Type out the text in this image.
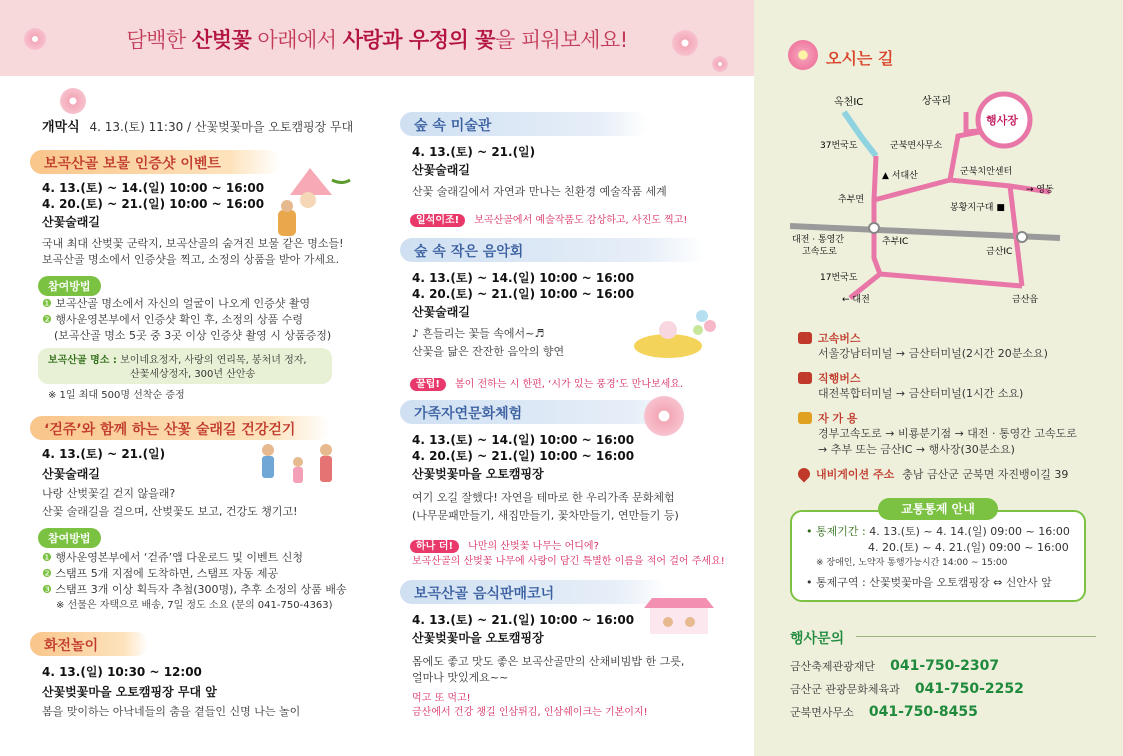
담백한 산벚꽃 아래에서 사랑과 우정의 꽃을 피워보세요!
개막식 4. 13.(토) 11:30 / 산꽃벚꽃마을 오토캠핑장 무대
보곡산골 보물 인증샷 이벤트
4. 13.(토) ~ 14.(일) 10:00 ~ 16:00
4. 20.(토) ~ 21.(일) 10:00 ~ 16:00
산꽃술래길
국내 최대 산벚꽃 군락지, 보곡산골의 숨겨진 보물 같은 명소들!
보곡산골 명소에서 인증샷을 찍고, 소정의 상품을 받아 가세요.
참여방법
❶ 보곡산골 명소에서 자신의 얼굴이 나오게 인증샷 촬영
❷ 행사운영본부에서 인증샷 확인 후, 소정의 상품 수령
(보곡산골 명소 5곳 중 3곳 이상 인증샷 촬영 시 상품증정)
보곡산골 명소 : 보이네요정자, 사랑의 연리목, 봉처녀 정자,
산꽃세상정자, 300년 산안송
※ 1일 최대 500명 선착순 증정
‘걷쥬’와 함께 하는 산꽃 술래길 건강걷기
4. 13.(토) ~ 21.(일)
산꽃술래길
나랑 산벚꽃길 걷지 않을래?
산꽃 술래길을 걸으며, 산벚꽃도 보고, 건강도 챙기고!
참여방법
❶ 행사운영본부에서 ‘걷쥬’앱 다운로드 및 이벤트 신청
❷ 스탬프 5개 지점에 도착하면, 스탬프 자동 제공
❸ 스탬프 3개 이상 획득자 추첨(300명), 추후 소정의 상품 배송
※ 선물은 자택으로 배송, 7일 정도 소요 (문의 041-750-4363)
화전놀이
4. 13.(일) 10:30 ~ 12:00
산꽃벚꽃마을 오토캠핑장 무대 앞
봄을 맞이하는 아낙네들의 춤을 곁들인 신명 나는 놀이
숲 속 미술관
4. 13.(토) ~ 21.(일)
산꽃술래길
산꽃 술래길에서 자연과 만나는 친환경 예술작품 세계
일석이조! 보곡산골에서 예술작품도 감상하고, 사진도 찍고!
숲 속 작은 음악회
4. 13.(토) ~ 14.(일) 10:00 ~ 16:00
4. 20.(토) ~ 21.(일) 10:00 ~ 16:00
산꽃술래길
♪ 흔들리는 꽃들 속에서~♬
산꽃을 닮은 잔잔한 음악의 향연
꿀팁! 봄이 전하는 시 한편, ‘시가 있는 풍경’도 만나보세요.
가족자연문화체험
4. 13.(토) ~ 14.(일) 10:00 ~ 16:00
4. 20.(토) ~ 21.(일) 10:00 ~ 16:00
산꽃벚꽃마을 오토캠핑장
여기 오길 잘했다! 자연을 테마로 한 우리가족 문화체험
(나무문패만들기, 새집만들기, 꽃차만들기, 연만들기 등)
하나 더! 나만의 산벚꽃 나무는 어디에?
보곡산골의 산벚꽃 나무에 사랑이 담긴 특별한 이름을 적어 걸어 주세요!
보곡산골 음식판매코너
4. 13.(토) ~ 21.(일) 10:00 ~ 16:00
산꽃벚꽃마을 오토캠핑장
몸에도 좋고 맛도 좋은 보곡산골만의 산채비빔밥 한 그릇,
얼마나 맛있게요~~
먹고 또 먹고!
금산에서 건강 챙길 인삼튀김, 인삼쉐이크는 기본이지!
오시는 길
옥천IC	상곡리
행사장
37번국도	군북면사무소
군북치안센터
▲ 서대산
추부면
봉황지구대 ■
→ 영동
대전 · 통영간
고속도로
추부IC
금산IC
17번국도
← 대전	금산읍
고속버스
서울강남터미널 → 금산터미널(2시간 20분소요)
직행버스
대전복합터미널 → 금산터미널(1시간 소요)
자 가 용
경부고속도로 → 비룡분기점 → 대전 · 통영간 고속도로
→ 추부 또는 금산IC → 행사장(30분소요)
내비게이션 주소 충남 금산군 군북면 자진뱅이길 39
교통통제 안내
• 통제기간 : 4. 13.(토) ~ 4. 14.(일) 09:00 ~ 16:00
4. 20.(토) ~ 4. 21.(일) 09:00 ~ 16:00
※ 장애인, 노약자 통행가능시간 14:00 ~ 15:00
• 통제구역 : 산꽃벚꽃마을 오토캠핑장 ⇔ 신안사 앞
행사문의
금산축제관광재단 041-750-2307
금산군 관광문화체육과 041-750-2252
군북면사무소 041-750-8455
